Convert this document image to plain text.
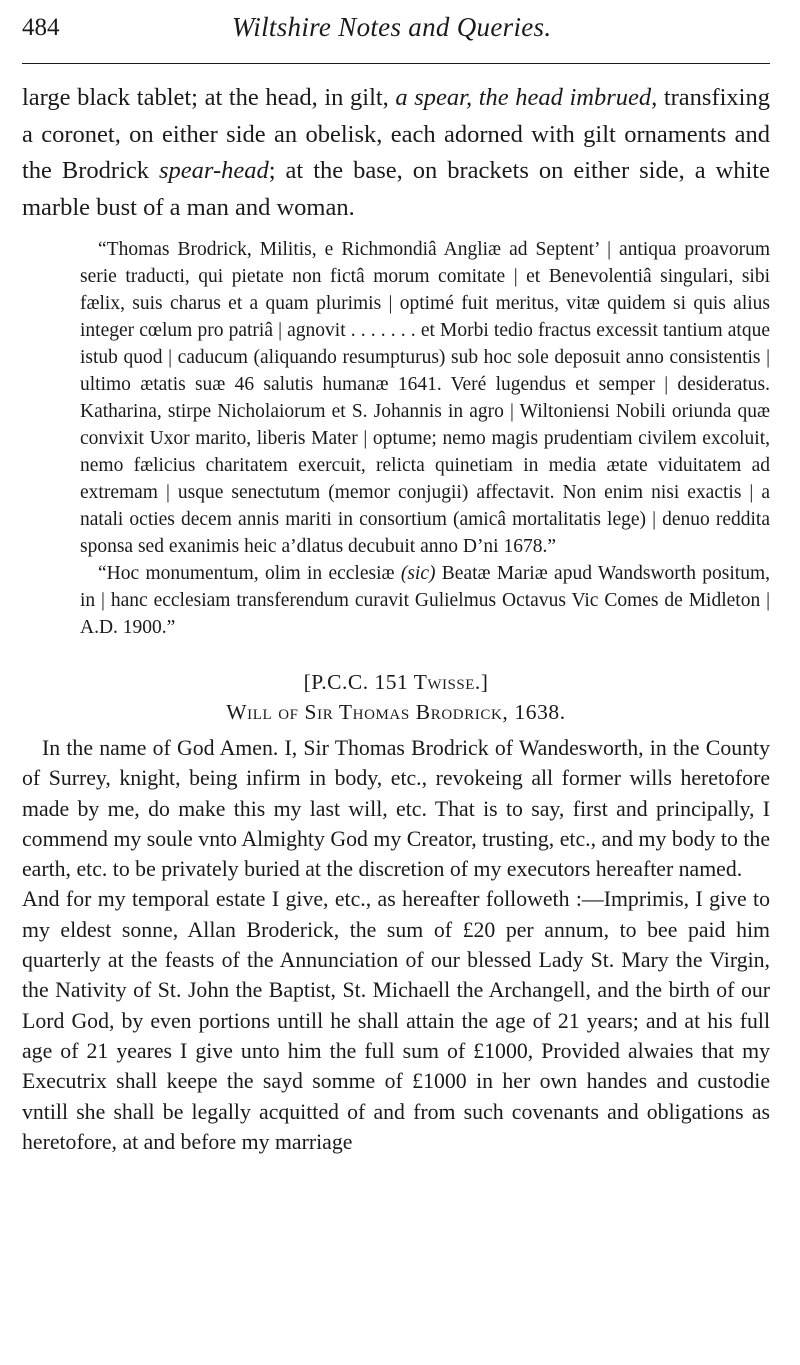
484	Wiltshire Notes and Queries.
large black tablet; at the head, in gilt, a spear, the head imbrued, transfixing a coronet, on either side an obelisk, each adorned with gilt ornaments and the Brodrick spear-head; at the base, on brackets on either side, a white marble bust of a man and woman.

“Thomas Brodrick, Militis, e Richmondiâ Angliæ ad Septent’ | antiqua proavorum serie traducti, qui pietate non fictâ morum comitate | et Benevolentiâ singulari, sibi fælix, suis charus et a quam plurimis | optimé fuit meritus, vitæ quidem si quis alius integer cœlum pro patriâ | agnovit . . . . . . . et Morbi tedio fractus excessit tantium atque istub quod | caducum (aliquando resumpturus) sub hoc sole deposuit anno consistentis | ultimo ætatis suæ 46 salutis humanæ 1641. Veré lugendus et semper | desideratus. Katharina, stirpe Nicholaiorum et S. Johannis in agro | Wiltoniensi Nobili oriunda quæ convixit Uxor marito, liberis Mater | optume; nemo magis prudentiam civilem excoluit, nemo fælicius charitatem exercuit, relicta quinetiam in media ætate viduitatem ad extremam | usque senectutum (memor conjugii) affectavit. Non enim nisi exactis | a natali octies decem annis mariti in consortium (amicâ mortalitatis lege) | denuo reddita sponsa sed exanimis heic a’dlatus decubuit anno D’ni 1678.”

“Hoc monumentum, olim in ecclesiæ (sic) Beatæ Mariæ apud Wandsworth positum, in | hanc ecclesiam transferendum curavit Gulielmus Octavus Vic Comes de Midleton | A.D. 1900.”

[P.C.C. 151 Twisse.]
Will of Sir Thomas Brodrick, 1638.

In the name of God Amen. I, Sir Thomas Brodrick of Wandesworth, in the County of Surrey, knight, being infirm in body, etc., revokeing all former wills heretofore made by me, do make this my last will, etc. That is to say, first and principally, I commend my soule vnto Almighty God my Creator, trusting, etc., and my body to the earth, etc. to be privately buried at the discretion of my executors hereafter named.

And for my temporal estate I give, etc., as hereafter followeth :—Imprimis, I give to my eldest sonne, Allan Broderick, the sum of £20 per annum, to bee paid him quarterly at the feasts of the Annunciation of our blessed Lady St. Mary the Virgin, the Nativity of St. John the Baptist, St. Michaell the Archangell, and the birth of our Lord God, by even portions untill he shall attain the age of 21 years; and at his full age of 21 yeares I give unto him the full sum of £1000, Provided alwaies that my Executrix shall keepe the sayd somme of £1000 in her own handes and custodie vntill she shall be legally acquitted of and from such covenants and obligations as heretofore, at and before my marriage
